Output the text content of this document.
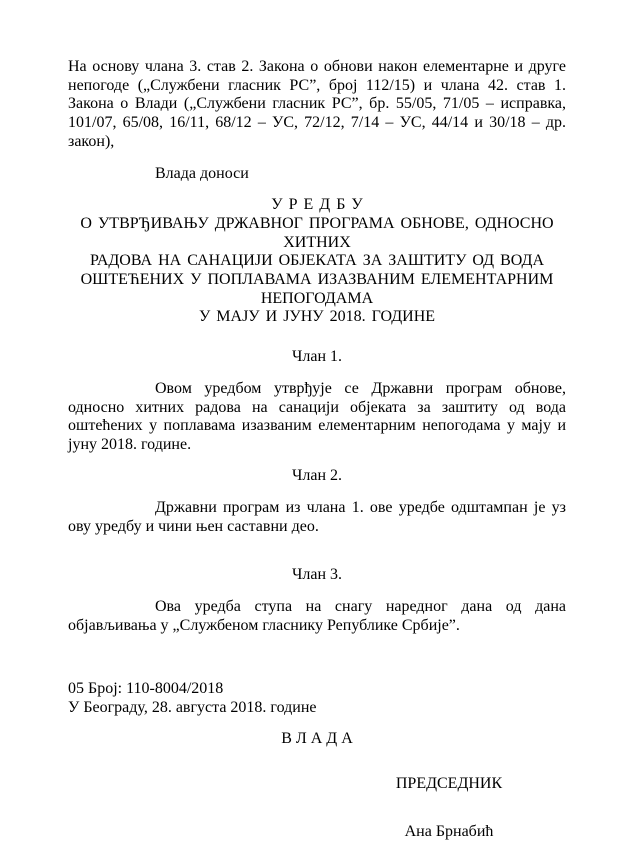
На основу члана 3. став 2. Закона о обнови након елементарне и друге непогоде („Службени гласник РС”, број 112/15) и члана 42. став 1. Закона о Влади („Службени гласник РС”, бр. 55/05, 71/05 – исправка, 101/07, 65/08, 16/11, 68/12 – УС, 72/12, 7/14 – УС, 44/14 и 30/18 – др. закон),

Влада доноси

У Р Е Д Б У
О УТВРЂИВАЊУ ДРЖАВНОГ ПРОГРАМА ОБНОВЕ, ОДНОСНО ХИТНИХ
РАДОВА НА САНАЦИЈИ ОБЈЕКАТА ЗА ЗАШТИТУ ОД ВОДА
ОШТЕЋЕНИХ У ПОПЛАВАМА ИЗАЗВАНИМ ЕЛЕМЕНТАРНИМ
НЕПОГОДАМА
У МАЈУ И ЈУНУ 2018. ГОДИНЕ

Члан 1.

Овом уредбом утврђује се Државни програм обнове, односно хитних радова на санацији објеката за заштиту од вода оштећених у поплавама изазваним елементарним непогодама у мају и јуну 2018. године.

Члан 2.

Државни програм из члана 1. ове уредбе одштампан је уз ову уредбу и чини њен саставни део.

Члан 3.

Ова уредба ступа на снагу наредног дана од дана објављивања у „Службеном гласнику Републике Србије”.

05 Број: 110-8004/2018

У Београду, 28. августа 2018. године

В Л А Д А

ПРЕДСЕДНИК

Ана Брнабић
